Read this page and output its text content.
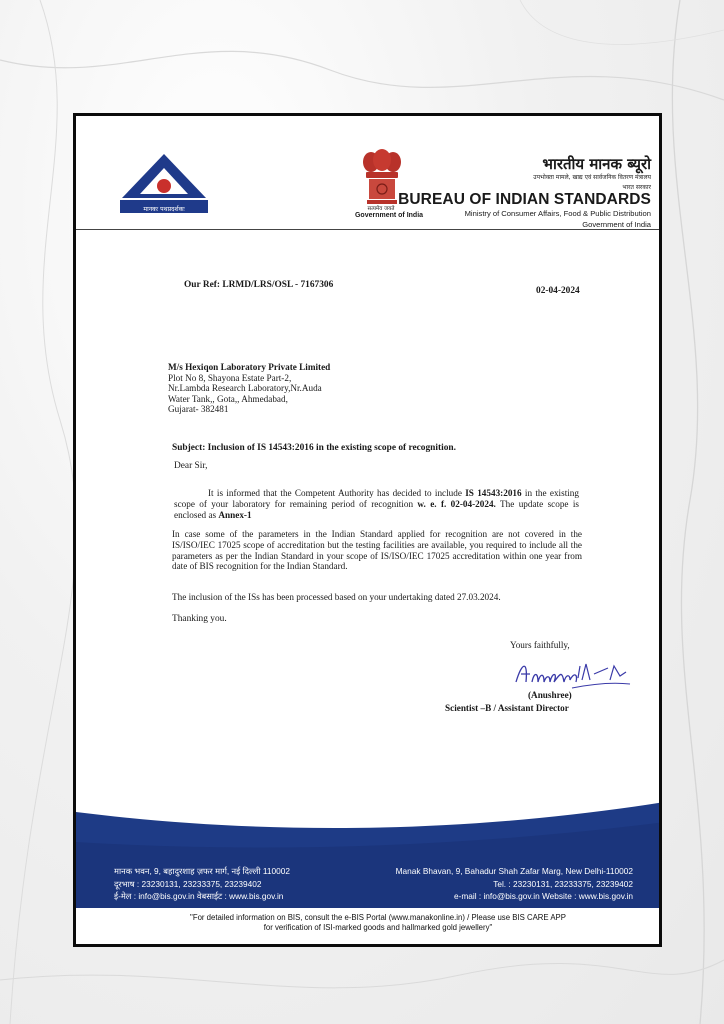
मानकः पथप्रदर्शकः	सत्यमेव जयते
Government of India
भारतीय मानक ब्यूरो
उपभोक्ता मामले, खाद्य एवं सार्वजनिक वितरण मंत्रालय
भारत सरकार
BUREAU OF INDIAN STANDARDS
Ministry of Consumer Affairs, Food & Public Distribution
Government of India
Our Ref: LRMD/LRS/OSL - 7167306
02-04-2024
M/s Hexiqon Laboratory Private Limited
Plot No 8, Shayona Estate Part-2,
Nr.Lambda Research Laboratory,Nr.Auda
Water Tank,, Gota,, Ahmedabad,
Gujarat- 382481
Subject: Inclusion of IS 14543:2016 in the existing scope of recognition.
Dear Sir,
It is informed that the Competent Authority has decided to include IS 14543:2016 in the existing scope of your laboratory for remaining period of recognition w. e. f. 02-04-2024. The update scope is enclosed as Annex-1
In case some of the parameters in the Indian Standard applied for recognition are not covered in the IS/ISO/IEC 17025 scope of accreditation but the testing facilities are available, you required to include all the parameters as per the Indian Standard in your scope of IS/ISO/IEC 17025 accreditation within one year from date of BIS recognition for the Indian Standard.
The inclusion of the ISs has been processed based on your undertaking dated 27.03.2024.
Thanking you.
Yours faithfully,
(Anushree)
Scientist –B / Assistant Director
मानक भवन, 9, बहादुरशाह ज़फर मार्ग, नई दिल्ली 110002
दूरभाष : 23230131, 23233375, 23239402
ई-मेल : info@bis.gov.in वेबसाईट : www.bis.gov.in
Manak Bhavan, 9, Bahadur Shah Zafar Marg, New Delhi-110002
Tel. : 23230131, 23233375, 23239402
e-mail : info@bis.gov.in Website : www.bis.gov.in
"For detailed information on BIS, consult the e-BIS Portal (www.manakonline.in) / Please use BIS CARE APP
for verification of ISI-marked goods and hallmarked gold jewellery"
